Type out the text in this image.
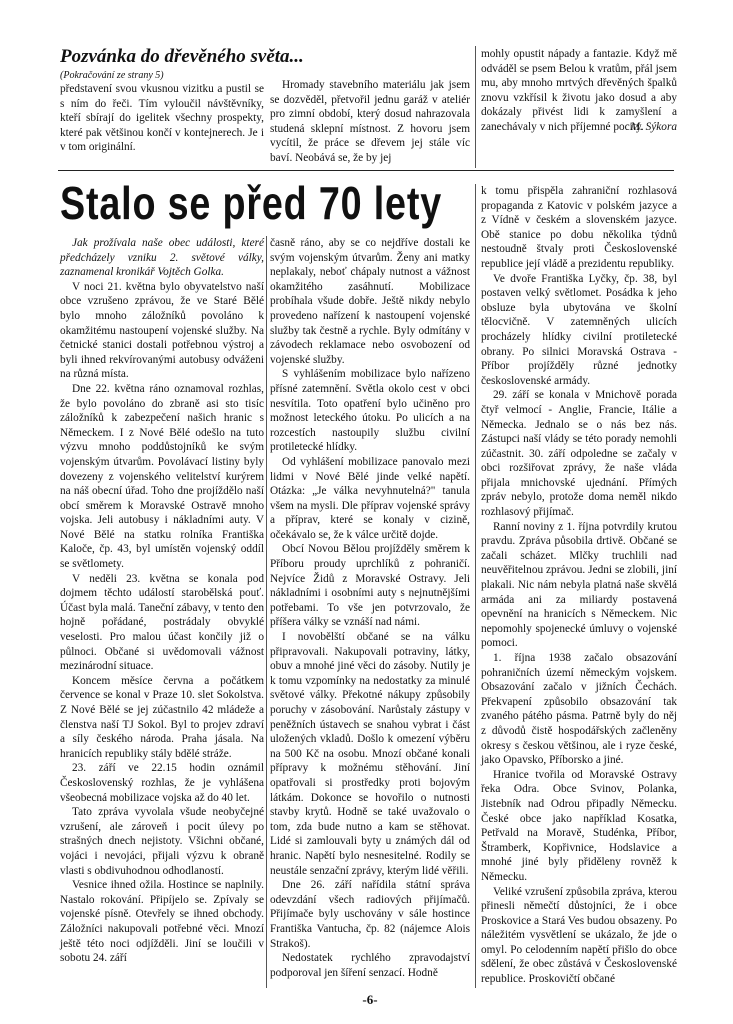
Pozvánka do dřevěného světa...
(Pokračování ze strany 5)

představení svou vkusnou vizitku a pustil se s ním do řeči. Tím vyloučil návštěvníky, kteří sbírají do igelitek všechny prospekty, které pak většinou končí v kontejnerech. Je i v tom originální.

Hromady stavebního materiálu jak jsem se dozvěděl, přetvořil jednu garáž v ateliér pro zimní období, který dosud nahrazovala studená sklepní místnost. Z hovoru jsem vycítil, že práce se dřevem jej stále víc baví. Neobává se, že by jej

mohly opustit nápady a fantazie. Když mě odváděl se psem Belou k vratům, přál jsem mu, aby mnoho mrtvých dřevěných špalků znovu vzkřísil k životu jako dosud a aby dokázaly přivést lidi k zamyšlení a zanechávaly v nich příjemné pocity.

M. Sýkora
Stalo se před 70 lety

Jak prožívala naše obec události, které předcházely vzniku 2. světové války, zaznamenal kronikář Vojtěch Golka.

V noci 21. května bylo obyvatelstvo naší obce vzrušeno zprávou, že ve Staré Bělé bylo mnoho záložníků povoláno k okamžitému nastoupení vojenské služby. Na četnické stanici dostali potřebnou výstroj a byli ihned rekvírovanými autobusy odváženi na různá místa.

Dne 22. května ráno oznamoval rozhlas, že bylo povoláno do zbraně asi sto tisíc záložníků k zabezpečení našich hranic s Německem. I z Nové Bělé odešlo na tuto výzvu mnoho poddůstojníků ke svým vojenským útvarům. Povolávací listiny byly dovezeny z vojenského velitelství kurýrem na náš obecní úřad. Toho dne projíždělo naší obcí směrem k Moravské Ostravě mnoho vojska. Jeli autobusy i nákladními auty. V Nové Bělé na statku rolníka Františka Kaloče, čp. 43, byl umístěn vojenský oddíl se světlomety.

V neděli 23. května se konala pod dojmem těchto událostí starobělská pouť. Účast byla malá. Taneční zábavy, v tento den hojně pořádané, postrádaly obvyklé veselosti. Pro malou účast končily již o půlnoci. Občané si uvědomovali vážnost mezinárodní situace.

Koncem měsíce června a počátkem července se konal v Praze 10. slet Sokolstva. Z Nové Bělé se jej zúčastnilo 42 mládeže a členstva naší TJ Sokol. Byl to projev zdraví a síly českého národa. Praha jásala. Na hranicích republiky stály bdělé stráže.

23. září ve 22.15 hodin oznámil Československý rozhlas, že je vyhlášena všeobecná mobilizace vojska až do 40 let.

Tato zpráva vyvolala všude neobyčejné vzrušení, ale zároveň i pocit úlevy po strašných dnech nejistoty. Všichni občané, vojáci i nevojáci, přijali výzvu k obraně vlasti s obdivuhodnou odhodlaností.

Vesnice ihned ožila. Hostince se naplnily. Nastalo rokování. Připíjelo se. Zpívaly se vojenské písně. Otevřely se ihned obchody. Záložníci nakupovali potřebné věci. Mnozí ještě této noci odjížděli. Jiní se loučili v sobotu 24. září

časně ráno, aby se co nejdříve dostali ke svým vojenským útvarům. Ženy ani matky neplakaly, neboť chápaly nutnost a vážnost okamžitého zasáhnutí. Mobilizace probíhala všude dobře. Ještě nikdy nebylo provedeno nařízení k nastoupení vojenské služby tak čestně a rychle. Byly odmítány v závodech reklamace nebo osvobození od vojenské služby.

S vyhlášením mobilizace bylo nařízeno přísné zatemnění. Světla okolo cest v obci nesvítila. Toto opatření bylo učiněno pro možnost leteckého útoku. Po ulicích a na rozcestích nastoupily službu civilní protiletecké hlídky.

Od vyhlášení mobilizace panovalo mezi lidmi v Nové Bělé jinde velké napětí. Otázka: „Je válka nevyhnutelná?" tanula všem na mysli. Dle příprav vojenské správy a příprav, které se konaly v cizině, očekávalo se, že k válce určitě dojde.

Obcí Novou Bělou projížděly směrem k Příboru proudy uprchlíků z pohraničí. Nejvíce Židů z Moravské Ostravy. Jeli nákladními i osobními auty s nejnutnějšími potřebami. To vše jen potvrzovalo, že příšera války se vznáší nad námi.

I novobělští občané se na válku připravovali. Nakupovali potraviny, látky, obuv a mnohé jiné věci do zásoby. Nutily je k tomu vzpomínky na nedostatky za minulé světové války. Překotné nákupy způsobily poruchy v zásobování. Narůstaly zástupy v peněžních ústavech se snahou vybrat i část uložených vkladů. Došlo k omezení výběru na 500 Kč na osobu. Mnozí občané konali přípravy k možnému stěhování. Jiní opatřovali si prostředky proti bojovým látkám. Dokonce se hovořilo o nutnosti stavby krytů. Hodně se také uvažovalo o tom, zda bude nutno a kam se stěhovat. Lidé si zamlouvali byty u známých dál od hranic. Napětí bylo nesnesitelné. Rodily se neustále senzační zprávy, kterým lidé věřili.

Dne 26. září nařídila státní správa odevzdání všech radiových přijímačů. Přijímače byly uschovány v sále hostince Františka Vantucha, čp. 82 (nájemce Alois Strakoš).

Nedostatek rychlého zpravodajství podporoval jen šíření senzací. Hodně

k tomu přispěla zahraniční rozhlasová propaganda z Katovic v polském jazyce a z Vídně v českém a slovenském jazyce. Obě stanice po dobu několika týdnů nestoudně štvaly proti Československé republice její vládě a prezidentu republiky.

Ve dvoře Františka Lyčky, čp. 38, byl postaven velký světlomet. Posádka k jeho obsluze byla ubytována ve školní tělocvičně. V zatemněných ulicích procházely hlídky civilní protiletecké obrany. Po silnici Moravská Ostrava - Příbor projížděly různé jednotky československé armády.

29. září se konala v Mnichově porada čtyř velmocí - Anglie, Francie, Itálie a Německa. Jednalo se o nás bez nás. Zástupci naší vlády se této porady nemohli zúčastnit. 30. září odpoledne se začaly v obci rozšiřovat zprávy, že naše vláda přijala mnichovské ujednání. Přímých zpráv nebylo, protože doma neměl nikdo rozhlasový přijímač.

Ranní noviny z 1. října potvrdily krutou pravdu. Zpráva působila drtivě. Občané se začali scházet. Mlčky truchlili nad neuvěřitelnou zprávou. Jedni se zlobili, jiní plakali. Nic nám nebyla platná naše skvělá armáda ani za miliardy postavená opevnění na hranicích s Německem. Nic nepomohly spojenecké úmluvy o vojenské pomoci.

1. října 1938 začalo obsazování pohraničních území německým vojskem. Obsazování začalo v jižních Čechách. Překvapení způsobilo obsazování tak zvaného pátého pásma. Patrně byly do něj z důvodů čistě hospodářských začleněny okresy s českou většinou, ale i ryze české, jako Opavsko, Příborsko a jiné.

Hranice tvořila od Moravské Ostravy řeka Odra. Obce Svinov, Polanka, Jistebník nad Odrou připadly Německu. České obce jako například Kosatka, Petřvald na Moravě, Studénka, Příbor, Štramberk, Kopřivnice, Hodslavice a mnohé jiné byly přiděleny rovněž k Německu.

Veliké vzrušení způsobila zpráva, kterou přinesli němečtí důstojníci, že i obce Proskovice a Stará Ves budou obsazeny. Po náležitém vysvětlení se ukázalo, že jde o omyl. Po celodenním napětí přišlo do obce sdělení, že obec zůstává v Československé republice. Proskovičtí občané

-6-
